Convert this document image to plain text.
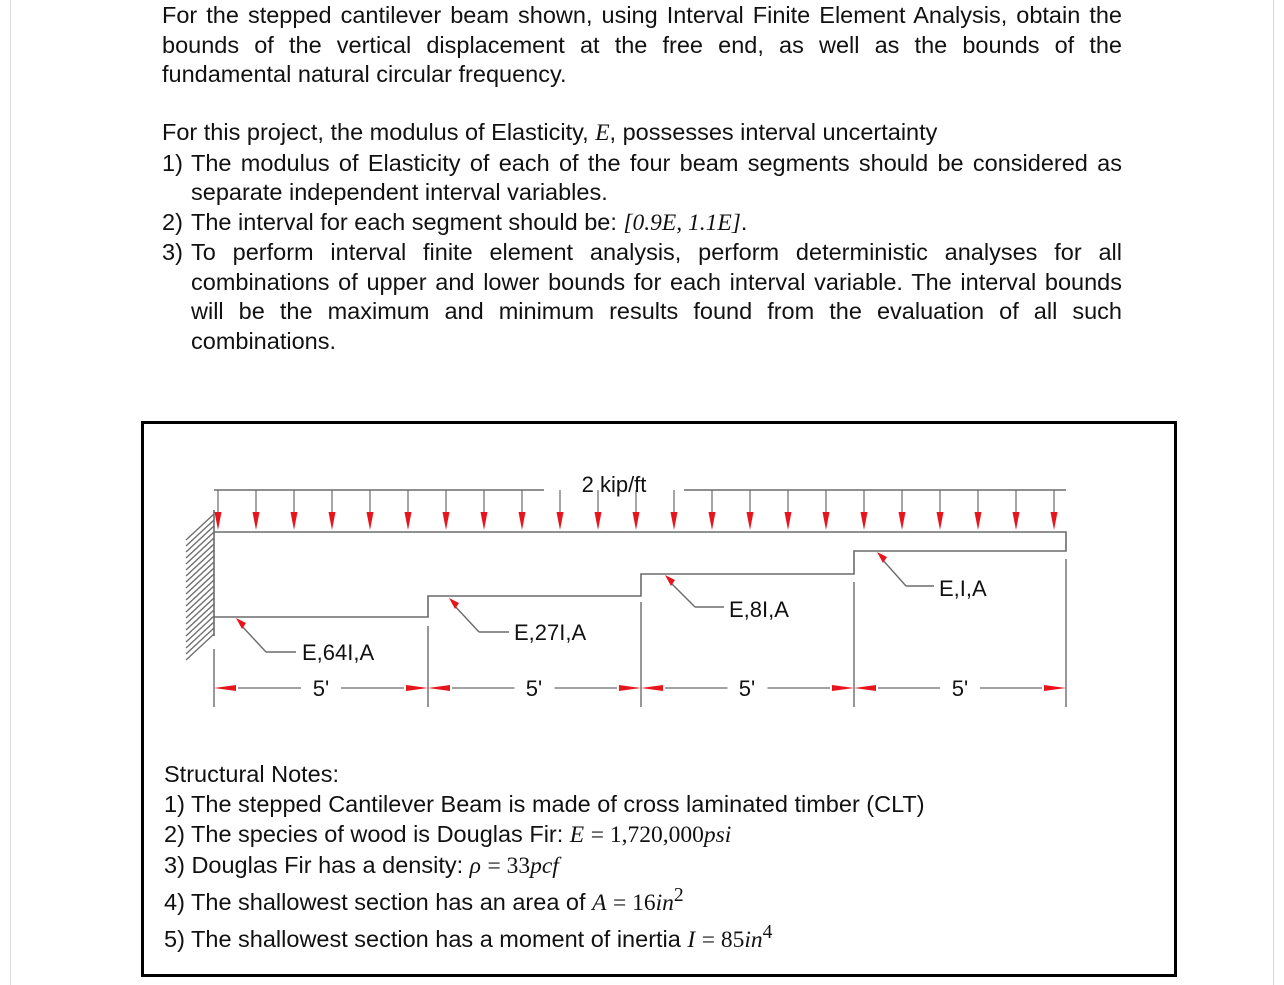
For the stepped cantilever beam shown, using Interval Finite Element Analysis, obtain the bounds of the vertical displacement at the free end, as well as the bounds of the fundamental natural circular frequency.

For this project, the modulus of Elasticity, E, possesses interval uncertainty
1) The modulus of Elasticity of each of the four beam segments should be considered as separate independent interval variables.
2) The interval for each segment should be: [0.9E, 1.1E].
3) To perform interval finite element analysis, perform deterministic analyses for all combinations of upper and lower bounds for each interval variable. The interval bounds will be the maximum and minimum results found from the evaluation of all such combinations.
2 kip/ft
E,64I,A
E,27I,A
E,8I,A
E,I,A
5'	5'	5'	5'
Structural Notes:
1) The stepped Cantilever Beam is made of cross laminated timber (CLT)
2) The species of wood is Douglas Fir: E = 1,720,000psi
3) Douglas Fir has a density: ρ = 33pcf
4) The shallowest section has an area of $A = 16in^2$
5) The shallowest section has a moment of inertia $I = 85in^4$
